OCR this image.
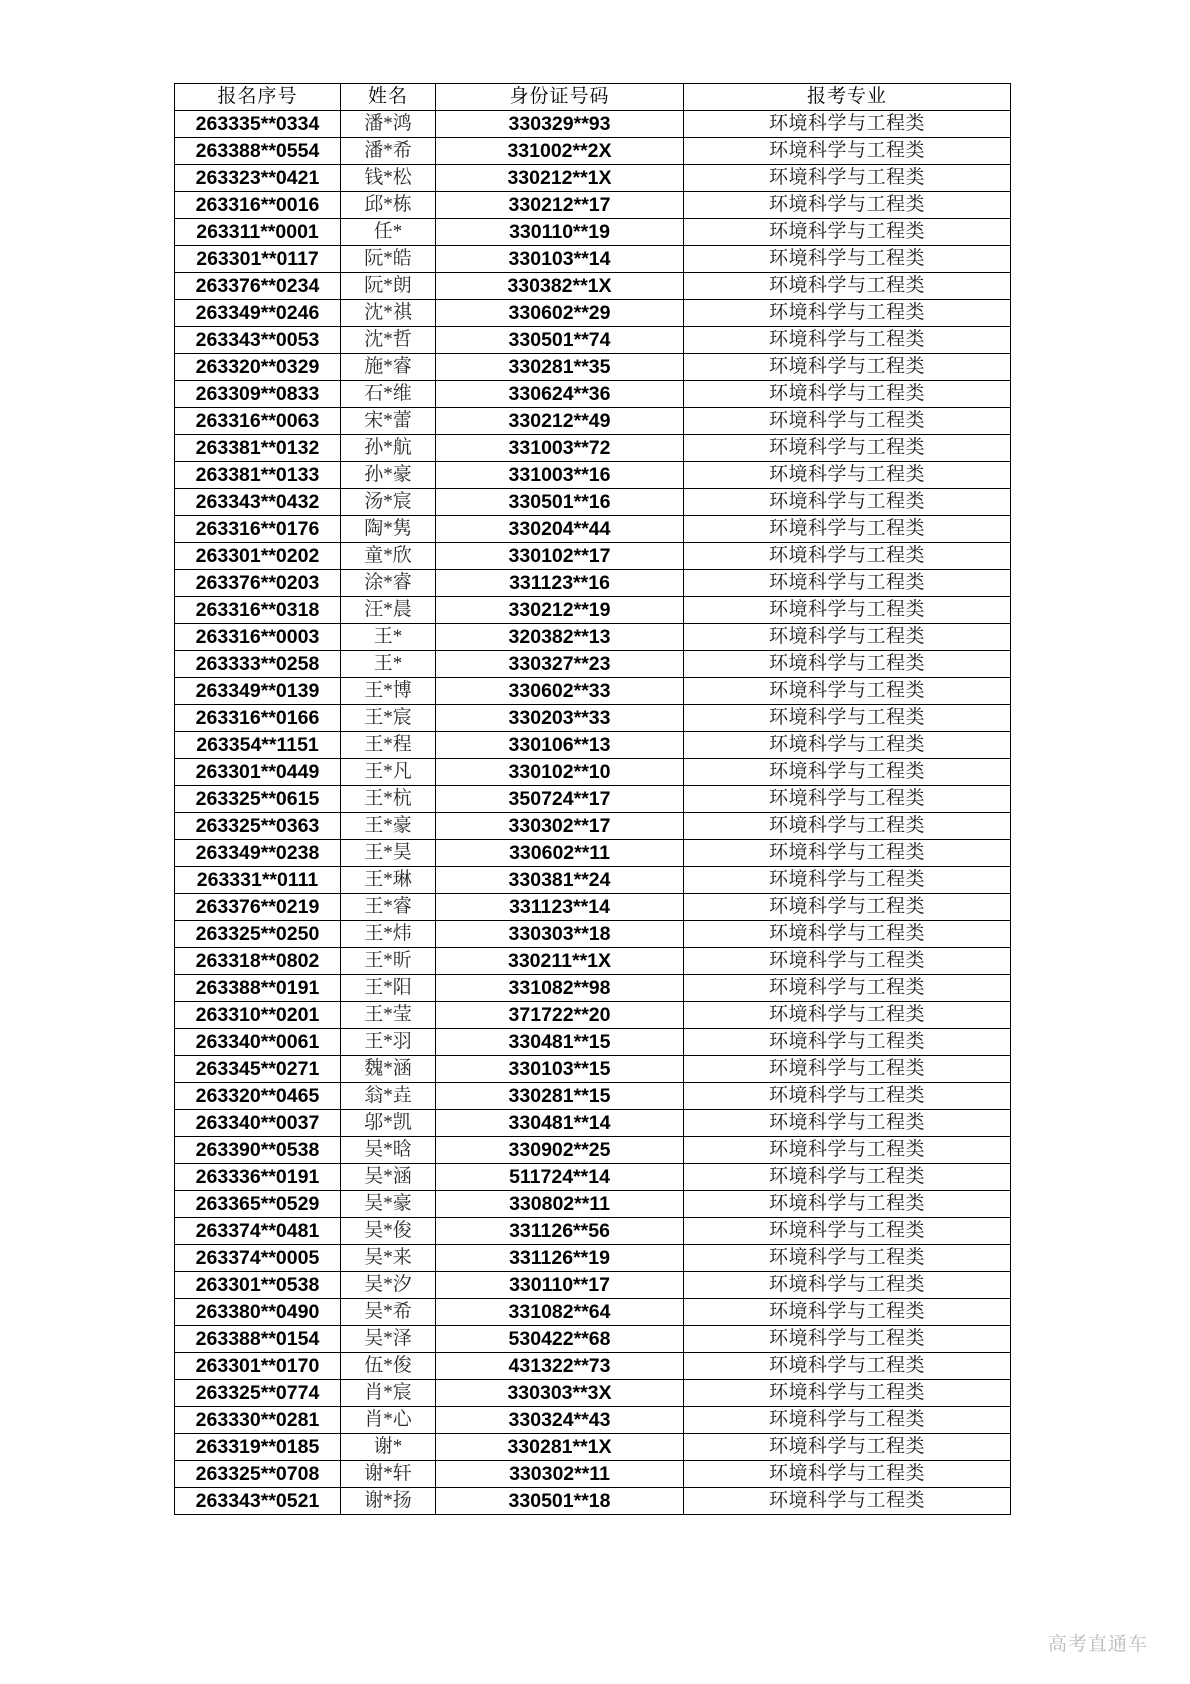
报名序号	姓名	身份证号码	报考专业
263335**0334	潘*鸿	330329**93	环境科学与工程类
263388**0554	潘*希	331002**2X	环境科学与工程类
263323**0421	钱*松	330212**1X	环境科学与工程类
263316**0016	邱*栋	330212**17	环境科学与工程类
263311**0001	任*	330110**19	环境科学与工程类
263301**0117	阮*皓	330103**14	环境科学与工程类
263376**0234	阮*朗	330382**1X	环境科学与工程类
263349**0246	沈*祺	330602**29	环境科学与工程类
263343**0053	沈*哲	330501**74	环境科学与工程类
263320**0329	施*睿	330281**35	环境科学与工程类
263309**0833	石*维	330624**36	环境科学与工程类
263316**0063	宋*蕾	330212**49	环境科学与工程类
263381**0132	孙*航	331003**72	环境科学与工程类
263381**0133	孙*豪	331003**16	环境科学与工程类
263343**0432	汤*宸	330501**16	环境科学与工程类
263316**0176	陶*隽	330204**44	环境科学与工程类
263301**0202	童*欣	330102**17	环境科学与工程类
263376**0203	涂*睿	331123**16	环境科学与工程类
263316**0318	汪*晨	330212**19	环境科学与工程类
263316**0003	王*	320382**13	环境科学与工程类
263333**0258	王*	330327**23	环境科学与工程类
263349**0139	王*博	330602**33	环境科学与工程类
263316**0166	王*宸	330203**33	环境科学与工程类
263354**1151	王*程	330106**13	环境科学与工程类
263301**0449	王*凡	330102**10	环境科学与工程类
263325**0615	王*杭	350724**17	环境科学与工程类
263325**0363	王*豪	330302**17	环境科学与工程类
263349**0238	王*昊	330602**11	环境科学与工程类
263331**0111	王*琳	330381**24	环境科学与工程类
263376**0219	王*睿	331123**14	环境科学与工程类
263325**0250	王*炜	330303**18	环境科学与工程类
263318**0802	王*昕	330211**1X	环境科学与工程类
263388**0191	王*阳	331082**98	环境科学与工程类
263310**0201	王*莹	371722**20	环境科学与工程类
263340**0061	王*羽	330481**15	环境科学与工程类
263345**0271	魏*涵	330103**15	环境科学与工程类
263320**0465	翁*垚	330281**15	环境科学与工程类
263340**0037	邬*凯	330481**14	环境科学与工程类
263390**0538	吴*晗	330902**25	环境科学与工程类
263336**0191	吴*涵	511724**14	环境科学与工程类
263365**0529	吴*豪	330802**11	环境科学与工程类
263374**0481	吴*俊	331126**56	环境科学与工程类
263374**0005	吴*来	331126**19	环境科学与工程类
263301**0538	吴*汐	330110**17	环境科学与工程类
263380**0490	吴*希	331082**64	环境科学与工程类
263388**0154	吴*泽	530422**68	环境科学与工程类
263301**0170	伍*俊	431322**73	环境科学与工程类
263325**0774	肖*宸	330303**3X	环境科学与工程类
263330**0281	肖*心	330324**43	环境科学与工程类
263319**0185	谢*	330281**1X	环境科学与工程类
263325**0708	谢*轩	330302**11	环境科学与工程类
263343**0521	谢*扬	330501**18	环境科学与工程类
高考直通车
